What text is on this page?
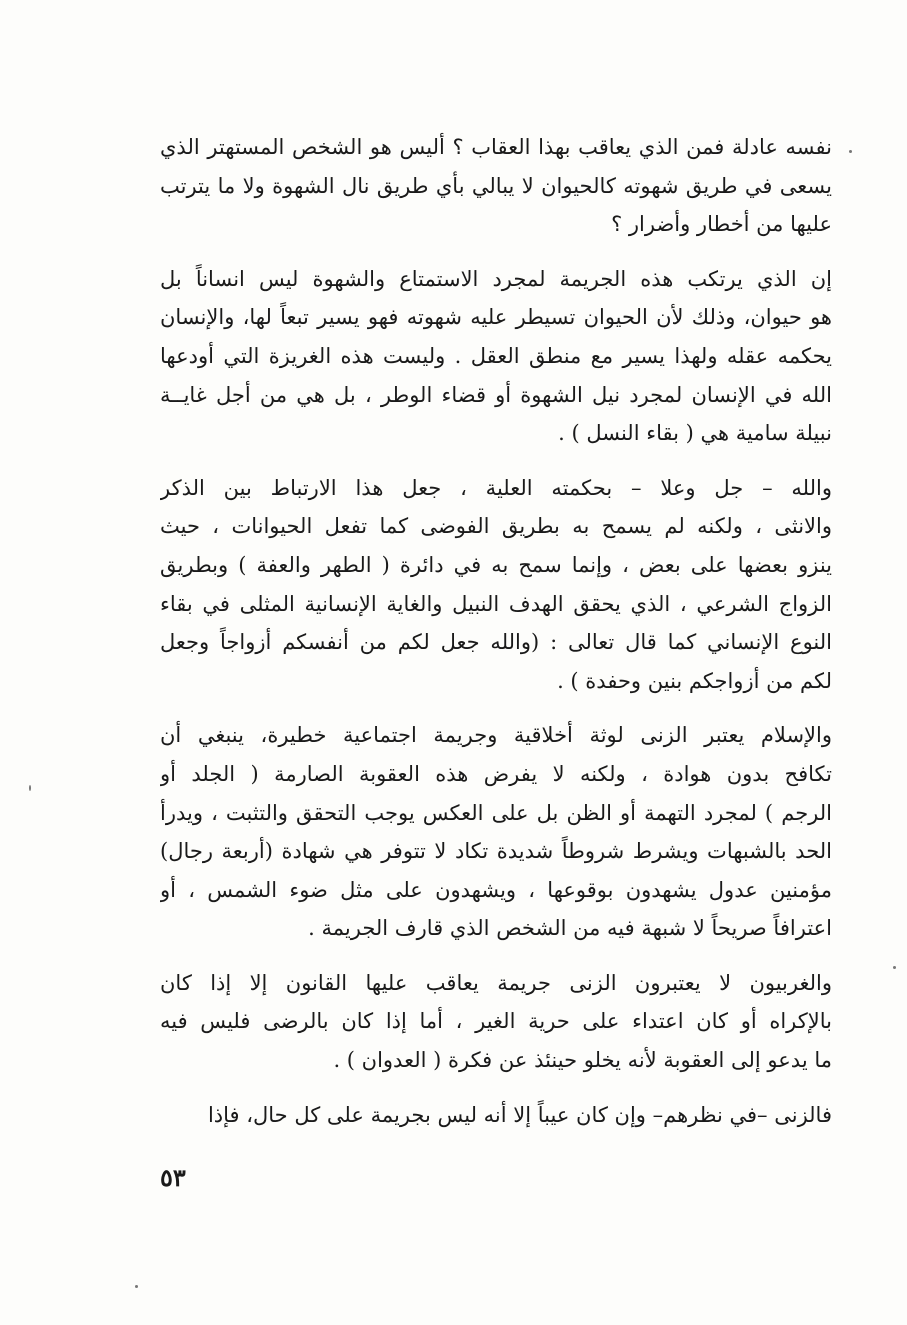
نفسه عادلة فمن الذي يعاقب بهذا العقاب ؟ أليس هو الشخص المستهتر الذي
يسعى في طريق شهوته كالحيوان لا يبالي بأي طريق نال الشهوة ولا ما يترتب
عليها من أخطار وأضرار ؟
إن الذي يرتكب هذه الجريمة لمجرد الاستمتاع والشهوة ليس انساناً بل
هو حيوان، وذلك لأن الحيوان تسيطر عليه شهوته فهو يسير تبعاً لها، والإنسان
يحكمه عقله ولهذا يسير مع منطق العقل . وليست هذه الغريزة التي أودعها
الله في الإنسان لمجرد نيل الشهوة أو قضاء الوطر ، بل هي من أجل غايــة
نبيلة سامية هي ( بقاء النسل ) .
والله – جل وعلا – بحكمته العلية ، جعل هذا الارتباط بين الذكر
والانثى ، ولكنه لم يسمح به بطريق الفوضى كما تفعل الحيوانات ، حيث
ينزو بعضها على بعض ، وإنما سمح به في دائرة ( الطهر والعفة ) وبطريق
الزواج الشرعي ، الذي يحقق الهدف النبيل والغاية الإنسانية المثلى في بقاء
النوع الإنساني كما قال تعالى : (والله جعل لكم من أنفسكم أزواجاً وجعل
لكم من أزواجكم بنين وحفدة ) .
والإسلام يعتبر الزنى لوثة أخلاقية وجريمة اجتماعية خطيرة، ينبغي أن
تكافح بدون هوادة ، ولكنه لا يفرض هذه العقوبة الصارمة ( الجلد أو
الرجم ) لمجرد التهمة أو الظن بل على العكس يوجب التحقق والتثبت ، ويدرأ
الحد بالشبهات ويشرط شروطاً شديدة تكاد لا تتوفر هي شهادة (أربعة رجال)
مؤمنين عدول يشهدون بوقوعها ، ويشهدون على مثل ضوء الشمس ، أو
اعترافاً صريحاً لا شبهة فيه من الشخص الذي قارف الجريمة .
والغربيون لا يعتبرون الزنى جريمة يعاقب عليها القانون إلا إذا كان
بالإكراه أو كان اعتداء على حرية الغير ، أما إذا كان بالرضى فليس فيه
ما يدعو إلى العقوبة لأنه يخلو حينئذ عن فكرة ( العدوان ) .
فالزنى –في نظرهم– وإن كان عيباً إلا أنه ليس بجريمة على كل حال، فإذا
٥٣
